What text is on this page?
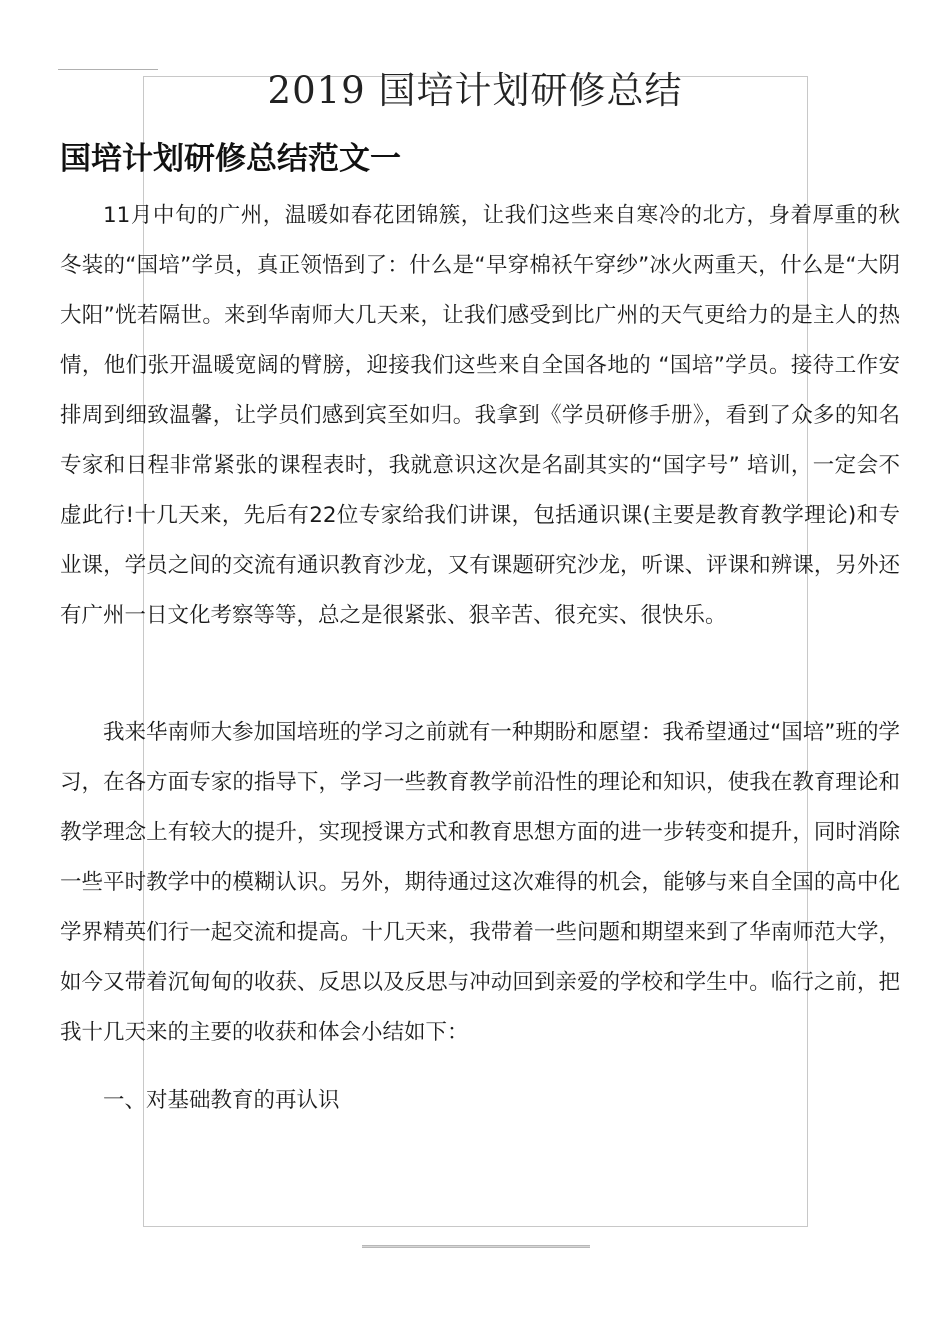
2019 国培计划研修总结
国培计划研修总结范文一

11月中旬的广州，温暖如春花团锦簇，让我们这些来自寒冷的北方，身着厚重的秋冬装的“国培”学员，真正领悟到了：什么是“早穿棉袄午穿纱”冰火两重天，什么是“大阴大阳”恍若隔世。来到华南师大几天来，让我们感受到比广州的天气更给力的是主人的热情，他们张开温暖宽阔的臂膀，迎接我们这些来自全国各地的 “国培”学员。接待工作安排周到细致温馨，让学员们感到宾至如归。我拿到《学员研修手册》，看到了众多的知名专家和日程非常紧张的课程表时，我就意识这次是名副其实的“国字号” 培训，一定会不虚此行!十几天来，先后有22位专家给我们讲课，包括通识课(主要是教育教学理论)和专业课，学员之间的交流有通识教育沙龙，又有课题研究沙龙，听课、评课和辨课，另外还有广州一日文化考察等等，总之是很紧张、狠辛苦、很充实、很快乐。

我来华南师大参加国培班的学习之前就有一种期盼和愿望：我希望通过“国培”班的学习，在各方面专家的指导下，学习一些教育教学前沿性的理论和知识，使我在教育理论和教学理念上有较大的提升，实现授课方式和教育思想方面的进一步转变和提升，同时消除一些平时教学中的模糊认识。另外，期待通过这次难得的机会，能够与来自全国的高中化学界精英们行一起交流和提高。十几天来，我带着一些问题和期望来到了华南师范大学，如今又带着沉甸甸的收获、反思以及反思与冲动回到亲爱的学校和学生中。临行之前，把我十几天来的主要的收获和体会小结如下：

一、对基础教育的再认识
